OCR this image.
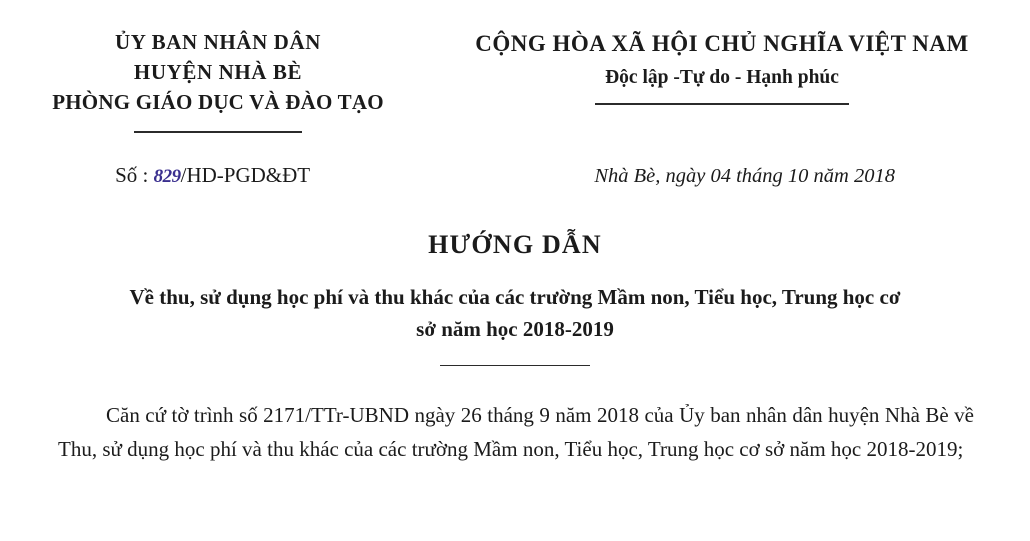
ỦY BAN NHÂN DÂN
HUYỆN NHÀ BÈ
PHÒNG GIÁO DỤC VÀ ĐÀO TẠO
CỘNG HÒA XÃ HỘI CHỦ NGHĨA VIỆT NAM
Độc lập -Tự do - Hạnh phúc
Số : 829/HD-PGD&ĐT	Nhà Bè, ngày 04 tháng 10 năm 2018
HƯỚNG DẪN
Về thu, sử dụng học phí và thu khác của các trường Mầm non, Tiểu học, Trung học cơ sở năm học 2018-2019

Căn cứ tờ trình số 2171/TTr-UBND ngày 26 tháng 9 năm 2018 của Ủy ban nhân dân huyện Nhà Bè về Thu, sử dụng học phí và thu khác của các trường Mầm non, Tiểu học, Trung học cơ sở năm học 2018-2019;
